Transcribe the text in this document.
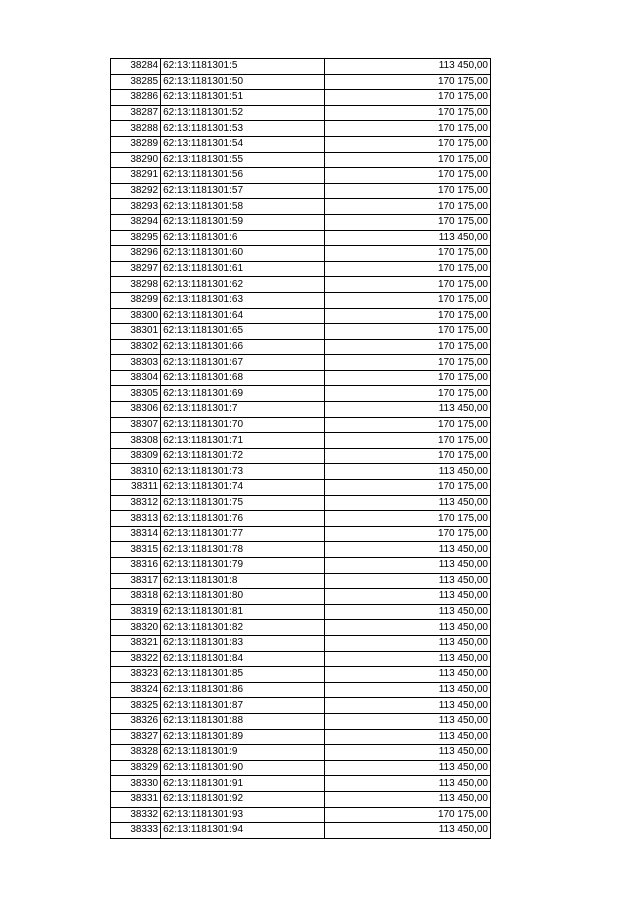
38284	62:13:1181301:5	113 450,00
38285	62:13:1181301:50	170 175,00
38286	62:13:1181301:51	170 175,00
38287	62:13:1181301:52	170 175,00
38288	62:13:1181301:53	170 175,00
38289	62:13:1181301:54	170 175,00
38290	62:13:1181301:55	170 175,00
38291	62:13:1181301:56	170 175,00
38292	62:13:1181301:57	170 175,00
38293	62:13:1181301:58	170 175,00
38294	62:13:1181301:59	170 175,00
38295	62:13:1181301:6	113 450,00
38296	62:13:1181301:60	170 175,00
38297	62:13:1181301:61	170 175,00
38298	62:13:1181301:62	170 175,00
38299	62:13:1181301:63	170 175,00
38300	62:13:1181301:64	170 175,00
38301	62:13:1181301:65	170 175,00
38302	62:13:1181301:66	170 175,00
38303	62:13:1181301:67	170 175,00
38304	62:13:1181301:68	170 175,00
38305	62:13:1181301:69	170 175,00
38306	62:13:1181301:7	113 450,00
38307	62:13:1181301:70	170 175,00
38308	62:13:1181301:71	170 175,00
38309	62:13:1181301:72	170 175,00
38310	62:13:1181301:73	113 450,00
38311	62:13:1181301:74	170 175,00
38312	62:13:1181301:75	113 450,00
38313	62:13:1181301:76	170 175,00
38314	62:13:1181301:77	170 175,00
38315	62:13:1181301:78	113 450,00
38316	62:13:1181301:79	113 450,00
38317	62:13:1181301:8	113 450,00
38318	62:13:1181301:80	113 450,00
38319	62:13:1181301:81	113 450,00
38320	62:13:1181301:82	113 450,00
38321	62:13:1181301:83	113 450,00
38322	62:13:1181301:84	113 450,00
38323	62:13:1181301:85	113 450,00
38324	62:13:1181301:86	113 450,00
38325	62:13:1181301:87	113 450,00
38326	62:13:1181301:88	113 450,00
38327	62:13:1181301:89	113 450,00
38328	62:13:1181301:9	113 450,00
38329	62:13:1181301:90	113 450,00
38330	62:13:1181301:91	113 450,00
38331	62:13:1181301:92	113 450,00
38332	62:13:1181301:93	170 175,00
38333	62:13:1181301:94	113 450,00
